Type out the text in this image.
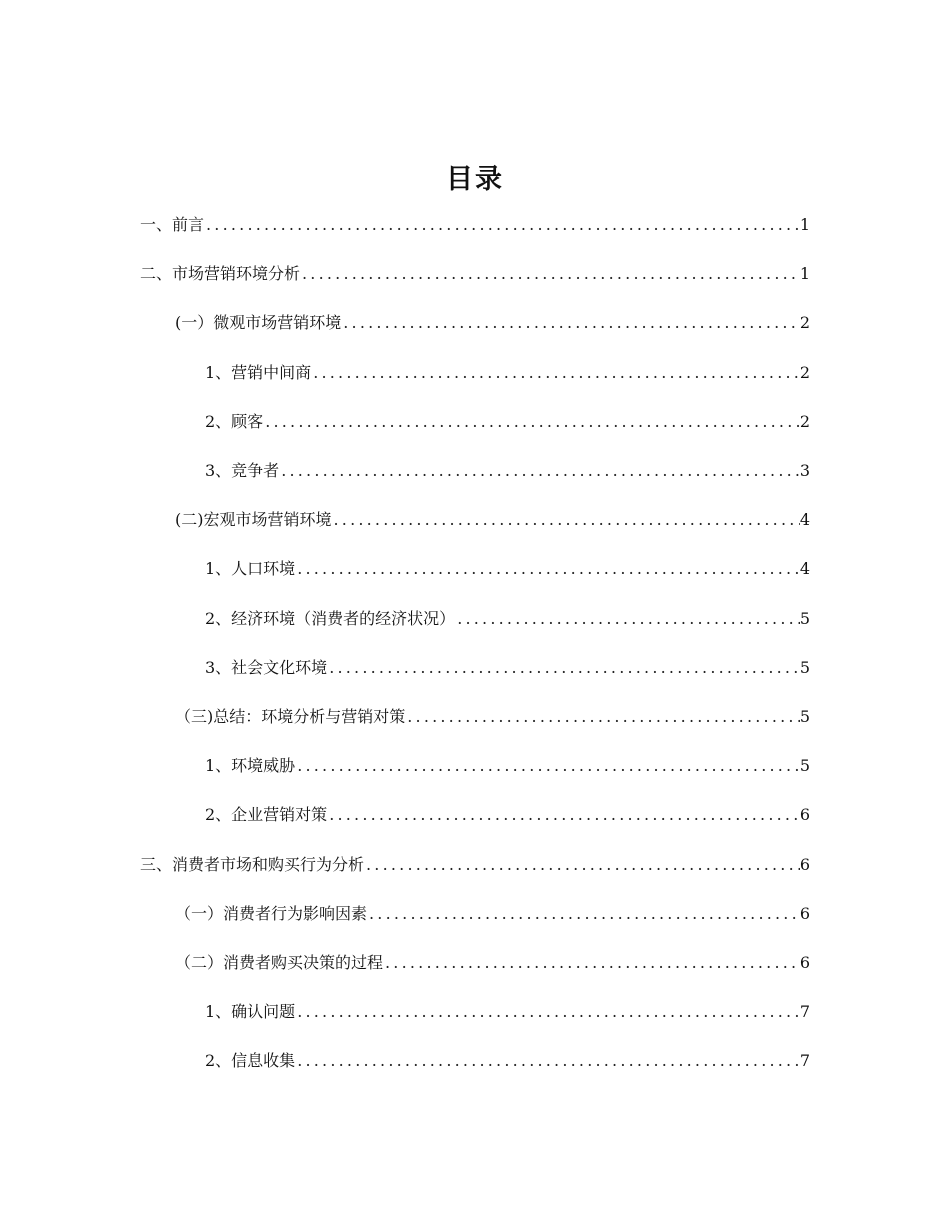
目录
一、前言 .....	1
二、市场营销环境分析 .....	1
(一）微观市场营销环境 .....	2
1、营销中间商 .....	2
2、顾客 .....	2
3、竞争者 .....	3
(二)宏观市场营销环境 .....	4
1、人口环境 .....	4
2、经济环境（消费者的经济状况） .....	5
3、社会文化环境 .....	5
（三)总结：环境分析与营销对策 .....	5
1、环境威胁 .....	5
2、企业营销对策 .....	6
三、消费者市场和购买行为分析 .....	6
（一）消费者行为影响因素 .....	6
（二）消费者购买决策的过程 .....	6
1、确认问题 .....	7
2、信息收集 .....	7
